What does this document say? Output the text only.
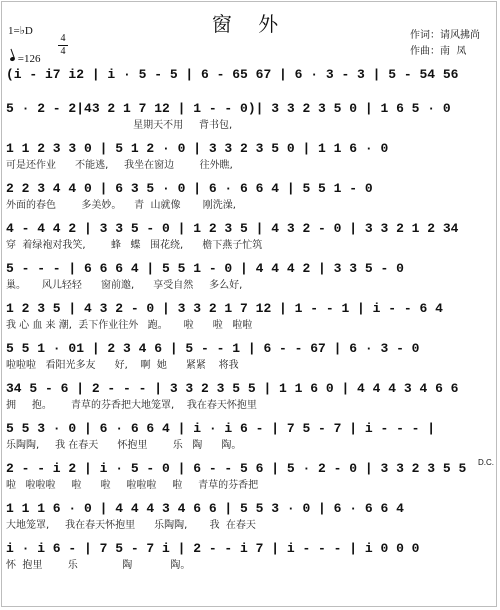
窗 外
1=♭D
4
4
=126
作词：请风拂尚
作曲：南  凤
(i - i7 i2 | i · 5 - 5 | 6 - 65 67 | 6 · 3 - 3 | 5 - 54 56
5 · 2 - 2|43 2 1 7 12 | 1 - - 0)| 3 3 2 3 5 0 | 1 6 5 · 0
星期天不用     背书包,
1 1 2 3 3 0 | 5 1 2 · 0 | 3 3 2 3 5 0 | 1 1 6 · 0
可是还作业      不能逃,     我坐在窗边        往外瞧,
2 2 3 4 4 0 | 6 3 5 · 0 | 6 · 6 6 4 | 5 5 1 - 0
外面的春色        多美妙。    青  山就像       刚洗澡,
4 - 4 4 2 | 3 3 5 - 0 | 1 2 3 5 | 4 3 2 - 0 | 3 3 2 1 2 34
穿  着绿袍对我笑,        蜂   蝶   围花绕,      檐下燕子忙筑
5 - - - | 6 6 6 4 | 5 5 1 - 0 | 4 4 4 2 | 3 3 5 - 0
巢。     风儿轻轻      窗前邀,      享受自然     多么好,
1 2 3 5 | 4 3 2 - 0 | 3 3 2 1 7 12 | 1 - - 1 | i - - 6 4
我 心 血 来 潮,  丢下作业往外   跑。     啦      啦   啦啦
5 5 1 · 01 | 2 3 4 6 | 5 - - 1 | 6 - - 67 | 6 · 3 - 0
啦啦啦   看阳光多友      好,    啊  她      紧紧    将我
34 5 - 6 | 2 - - - | 3 3 2 3 5 5 | 1 1 6 0 | 4 4 4 3 4 6 6
拥     抱。      青草的芬香把大地笼罩,    我在春天怀抱里
5 5 3 · 0 | 6 · 6 6 4 | i · i 6 - | 7 5 - 7 | i - - - |
乐陶陶,     我 在春天      怀抱里        乐   陶      陶。
2 - - i 2 | i · 5 - 0 | 6 - - 5 6 | 5 · 2 - 0 | 3 3 2 3 5 5
啦   啦啦啦     啦      啦     啦啦啦     啦     青草的芬香把
1 1 1 6 · 0 | 4 4 4 3 4 6 6 | 5 5 3 · 0 | 6 · 6 6 4
大地笼罩,     我在春天怀抱里      乐陶陶,       我  在春天
i · i 6 - | 7 5 - 7 i | 2 - - i 7 | i - - - | i 0 0 0
怀  抱里        乐              陶            陶。
D.C.
